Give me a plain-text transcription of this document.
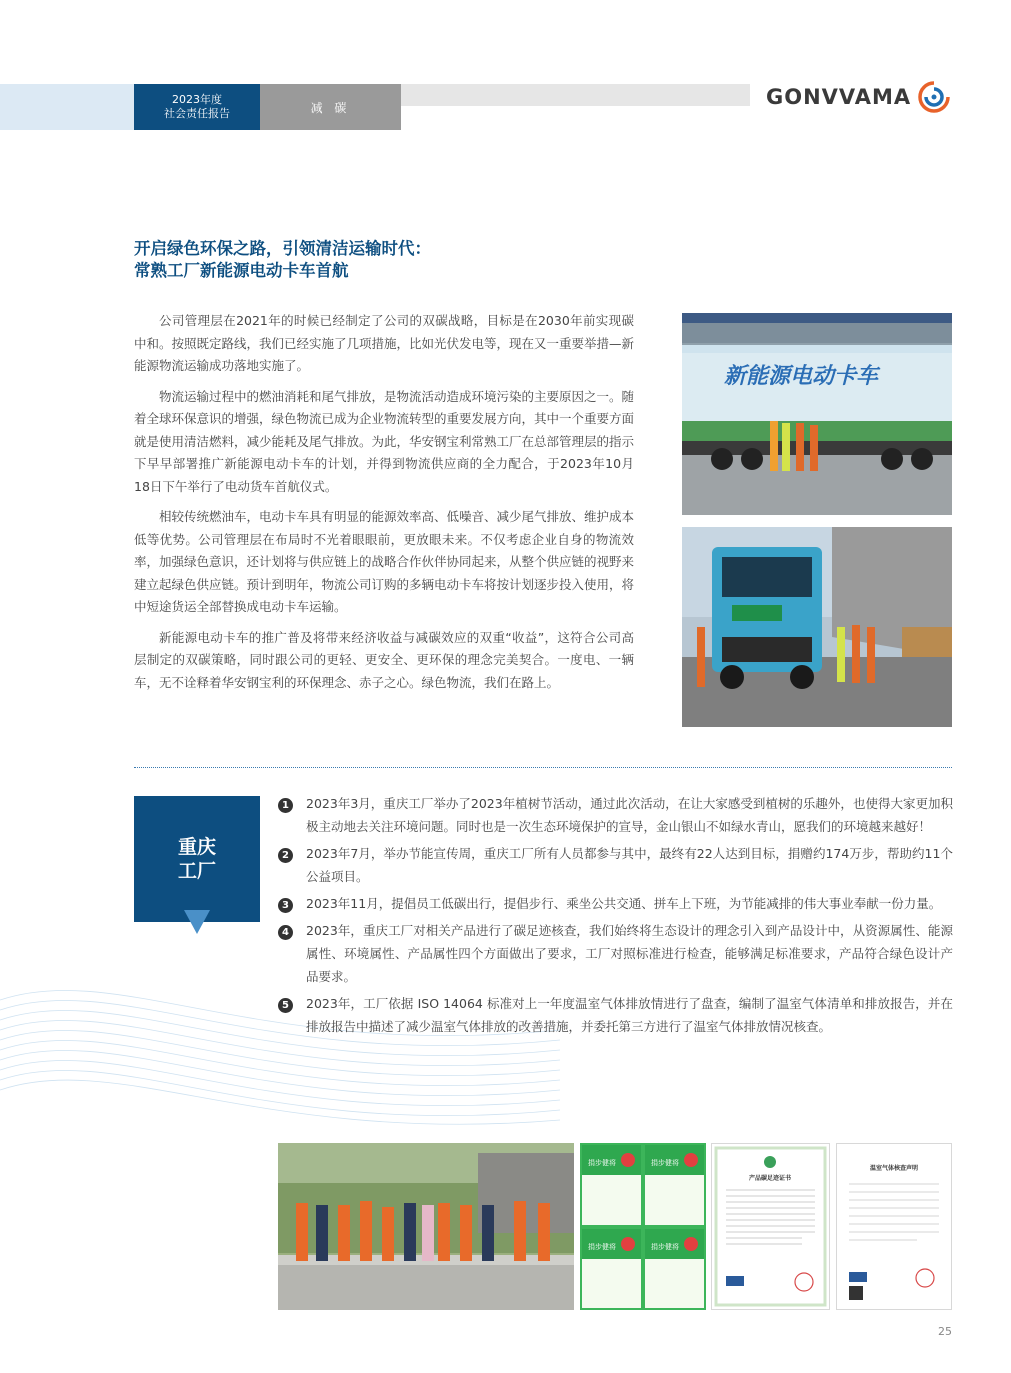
2023年度
社会责任报告	减 碳	GONVVAMA
开启绿色环保之路，引领清洁运输时代：
常熟工厂新能源电动卡车首航

公司管理层在2021年的时候已经制定了公司的双碳战略，目标是在2030年前实现碳中和。按照既定路线，我们已经实施了几项措施，比如光伏发电等，现在又一重要举措—新能源物流运输成功落地实施了。

物流运输过程中的燃油消耗和尾气排放，是物流活动造成环境污染的主要原因之一。随着全球环保意识的增强，绿色物流已成为企业物流转型的重要发展方向，其中一个重要方面就是使用清洁燃料，减少能耗及尾气排放。为此，华安钢宝利常熟工厂在总部管理层的指示下早早部署推广新能源电动卡车的计划，并得到物流供应商的全力配合，于2023年10月18日下午举行了电动货车首航仪式。

相较传统燃油车，电动卡车具有明显的能源效率高、低噪音、减少尾气排放、维护成本低等优势。公司管理层在布局时不光着眼眼前，更放眼未来。不仅考虑企业自身的物流效率，加强绿色意识，还计划将与供应链上的战略合作伙伴协同起来，从整个供应链的视野来建立起绿色供应链。预计到明年，物流公司订购的多辆电动卡车将按计划逐步投入使用，将中短途货运全部替换成电动卡车运输。

新能源电动卡车的推广普及将带来经济收益与减碳效应的双重“收益”，这符合公司高层制定的双碳策略，同时跟公司的更轻、更安全、更环保的理念完美契合。一度电、一辆车，无不诠释着华安钢宝利的环保理念、赤子之心。绿色物流，我们在路上。

新能源电动卡车
重庆
工厂
1	2023年3月，重庆工厂举办了2023年植树节活动，通过此次活动，在让大家感受到植树的乐趣外，也使得大家更加积极主动地去关注环境问题。同时也是一次生态环境保护的宣导，金山银山不如绿水青山，愿我们的环境越来越好！
2	2023年7月，举办节能宣传周，重庆工厂所有人员都参与其中，最终有22人达到目标，捐赠约174万步，帮助约11个公益项目。
3	2023年11月，提倡员工低碳出行，提倡步行、乘坐公共交通、拼车上下班，为节能减排的伟大事业奉献一份力量。
4	2023年，重庆工厂对相关产品进行了碳足迹核查，我们始终将生态设计的理念引入到产品设计中，从资源属性、能源属性、环境属性、产品属性四个方面做出了要求，工厂对照标准进行检查，能够满足标准要求，产品符合绿色设计产品要求。
5	2023年，工厂依据 ISO 14064 标准对上一年度温室气体排放情进行了盘查，编制了温室气体清单和排放报告，并在排放报告中描述了减少温室气体排放的改善措施，并委托第三方进行了温室气体排放情况核查。
捐步健将	捐步健将
捐步健将	捐步健将
产品碳足迹证书
温室气体核查声明
25
